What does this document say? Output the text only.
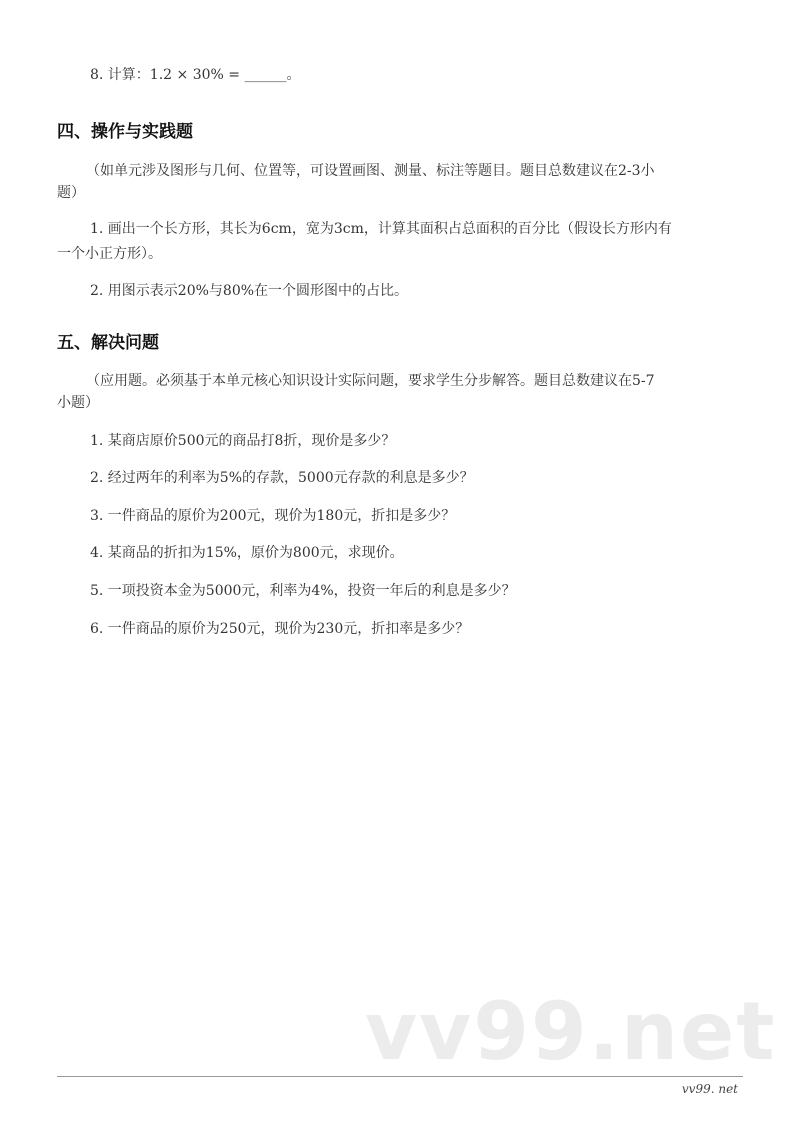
8. 计算：1.2 × 30% = ______。
四、操作与实践题
（如单元涉及图形与几何、位置等，可设置画图、测量、标注等题目。题目总数建议在2-3小
题）
1. 画出一个长方形，其长为6cm，宽为3cm，计算其面积占总面积的百分比（假设长方形内有
一个小正方形）。
2. 用图示表示20%与80%在一个圆形图中的占比。
五、解决问题
（应用题。必须基于本单元核心知识设计实际问题，要求学生分步解答。题目总数建议在5-7
小题）
1. 某商店原价500元的商品打8折，现价是多少？
2. 经过两年的利率为5%的存款，5000元存款的利息是多少？
3. 一件商品的原价为200元，现价为180元，折扣是多少？
4. 某商品的折扣为15%，原价为800元，求现价。
5. 一项投资本金为5000元，利率为4%，投资一年后的利息是多少？
6. 一件商品的原价为250元，现价为230元，折扣率是多少？
vv99.net
vv99. net
